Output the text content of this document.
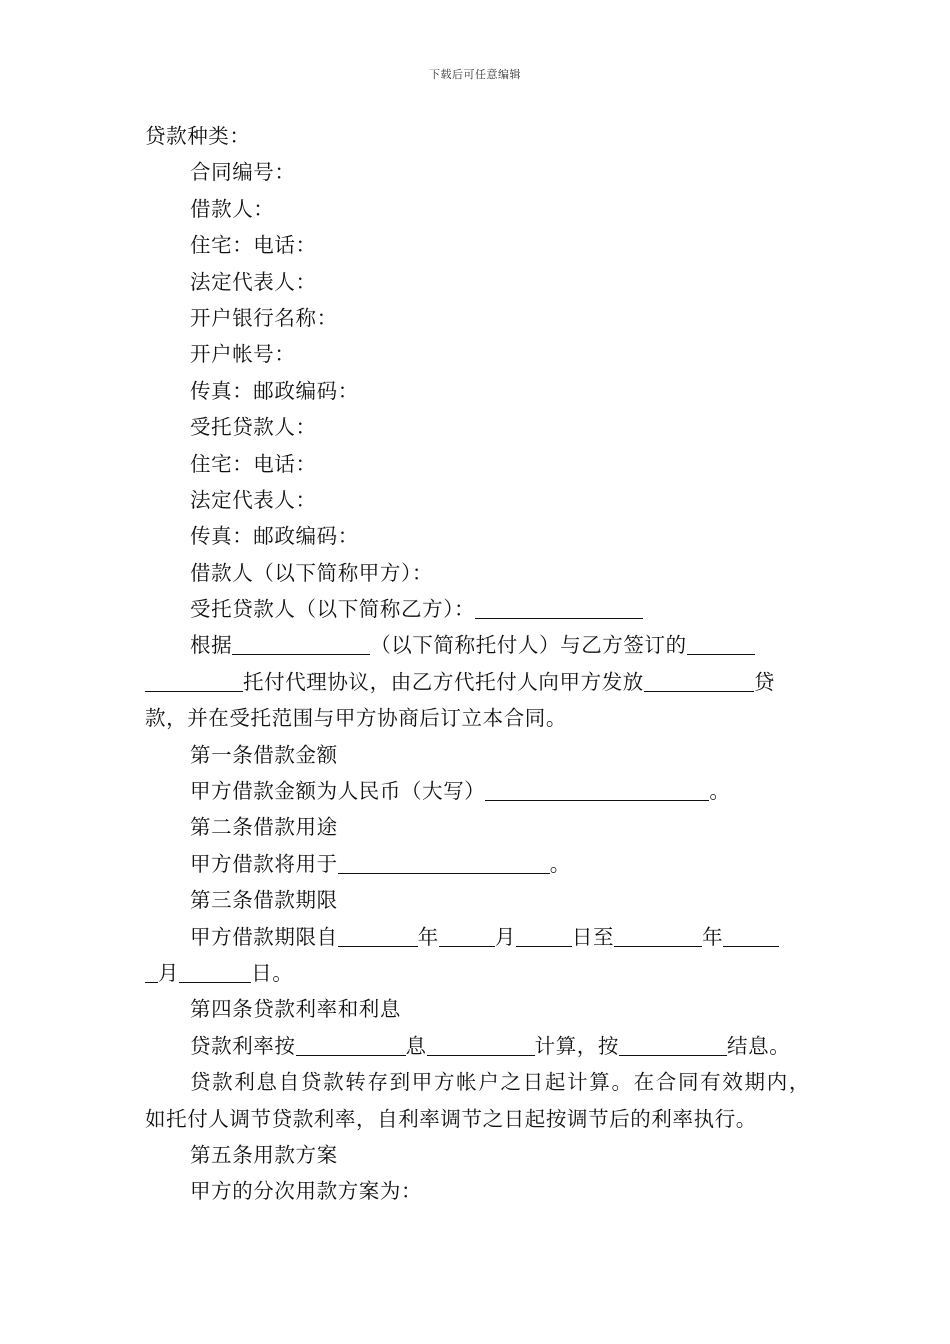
下载后可任意编辑
贷款种类：
合同编号：
借款人：
住宅：电话：
法定代表人：
开户银行名称：
开户帐号：
传真：邮政编码：
受托贷款人：
住宅：电话：
法定代表人：
传真：邮政编码：
借款人（以下简称甲方）：
受托贷款人（以下简称乙方）：
根据	（以下简称托付人）与乙方签订的
托付代理协议，由乙方代托付人向甲方发放	贷
款，并在受托范围与甲方协商后订立本合同。
第一条借款金额
甲方借款金额为人民币（大写）	。
第二条借款用途
甲方借款将用于	。
第三条借款期限
甲方借款期限自	年	月	日至	年
月	日。
第四条贷款利率和利息
贷款利率按	息	计算，按	结息。
贷款利息自贷款转存到甲方帐户之日起计算。在合同有效期内，
如托付人调节贷款利率，自利率调节之日起按调节后的利率执行。
第五条用款方案
甲方的分次用款方案为：
